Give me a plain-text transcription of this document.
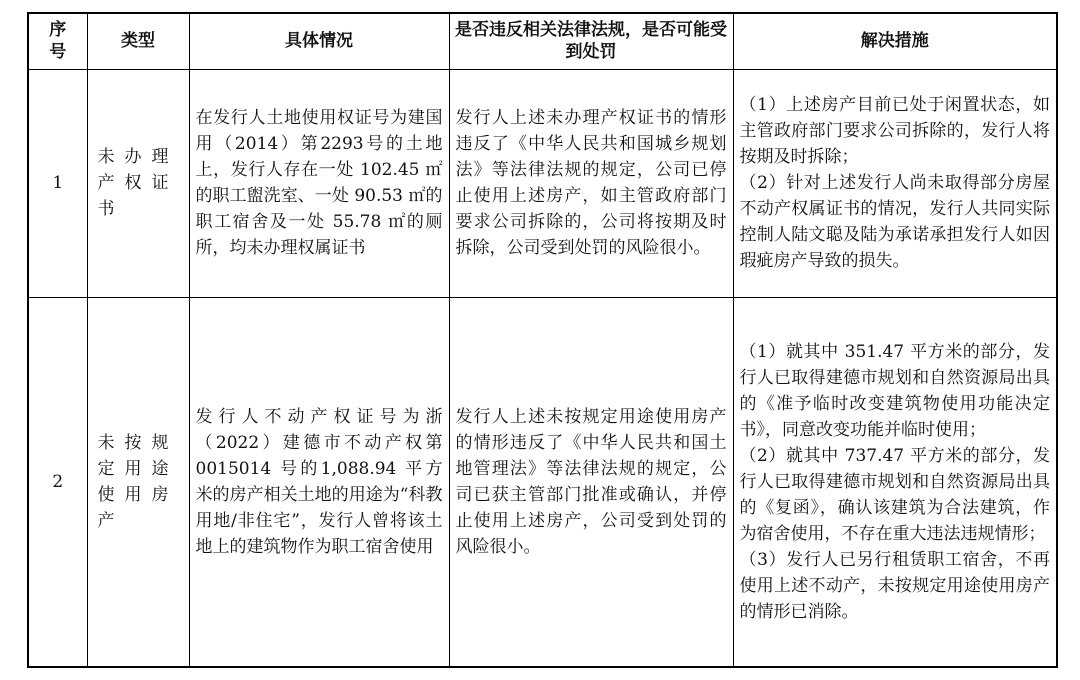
序号	类型	具体情况	是否违反相关法律法规，是否可能受到处罚	解决措施
1	未办理产权证书	在发行人土地使用权证号为建国用（2014）第2293号的土地上，发行人存在一处 102.45 ㎡的职工盥洗室、一处 90.53 ㎡的职工宿舍及一处 55.78 ㎡的厕所，均未办理权属证书	发行人上述未办理产权证书的情形违反了《中华人民共和国城乡规划法》等法律法规的规定，公司已停止使用上述房产，如主管政府部门要求公司拆除的，公司将按期及时拆除，公司受到处罚的风险很小。	（1）上述房产目前已处于闲置状态，如主管政府部门要求公司拆除的，发行人将按期及时拆除；

（2）针对上述发行人尚未取得部分房屋不动产权属证书的情况，发行人共同实际控制人陆文聪及陆为承诺承担发行人如因瑕疵房产导致的损失。

2	未按规定用途使用房产	发行人不动产权证号为浙（2022）建德市不动产权第 0015014 号的1,088.94 平方米的房产相关土地的用途为“科教用地/非住宅”，发行人曾将该土地上的建筑物作为职工宿舍使用	发行人上述未按规定用途使用房产的情形违反了《中华人民共和国土地管理法》等法律法规的规定，公司已获主管部门批准或确认，并停止使用上述房产，公司受到处罚的风险很小。	（1）就其中 351.47 平方米的部分，发行人已取得建德市规划和自然资源局出具的《准予临时改变建筑物使用功能决定书》，同意改变功能并临时使用；

（2）就其中 737.47 平方米的部分，发行人已取得建德市规划和自然资源局出具的《复函》，确认该建筑为合法建筑，作为宿舍使用，不存在重大违法违规情形；

（3）发行人已另行租赁职工宿舍，不再使用上述不动产，未按规定用途使用房产的情形已消除。
